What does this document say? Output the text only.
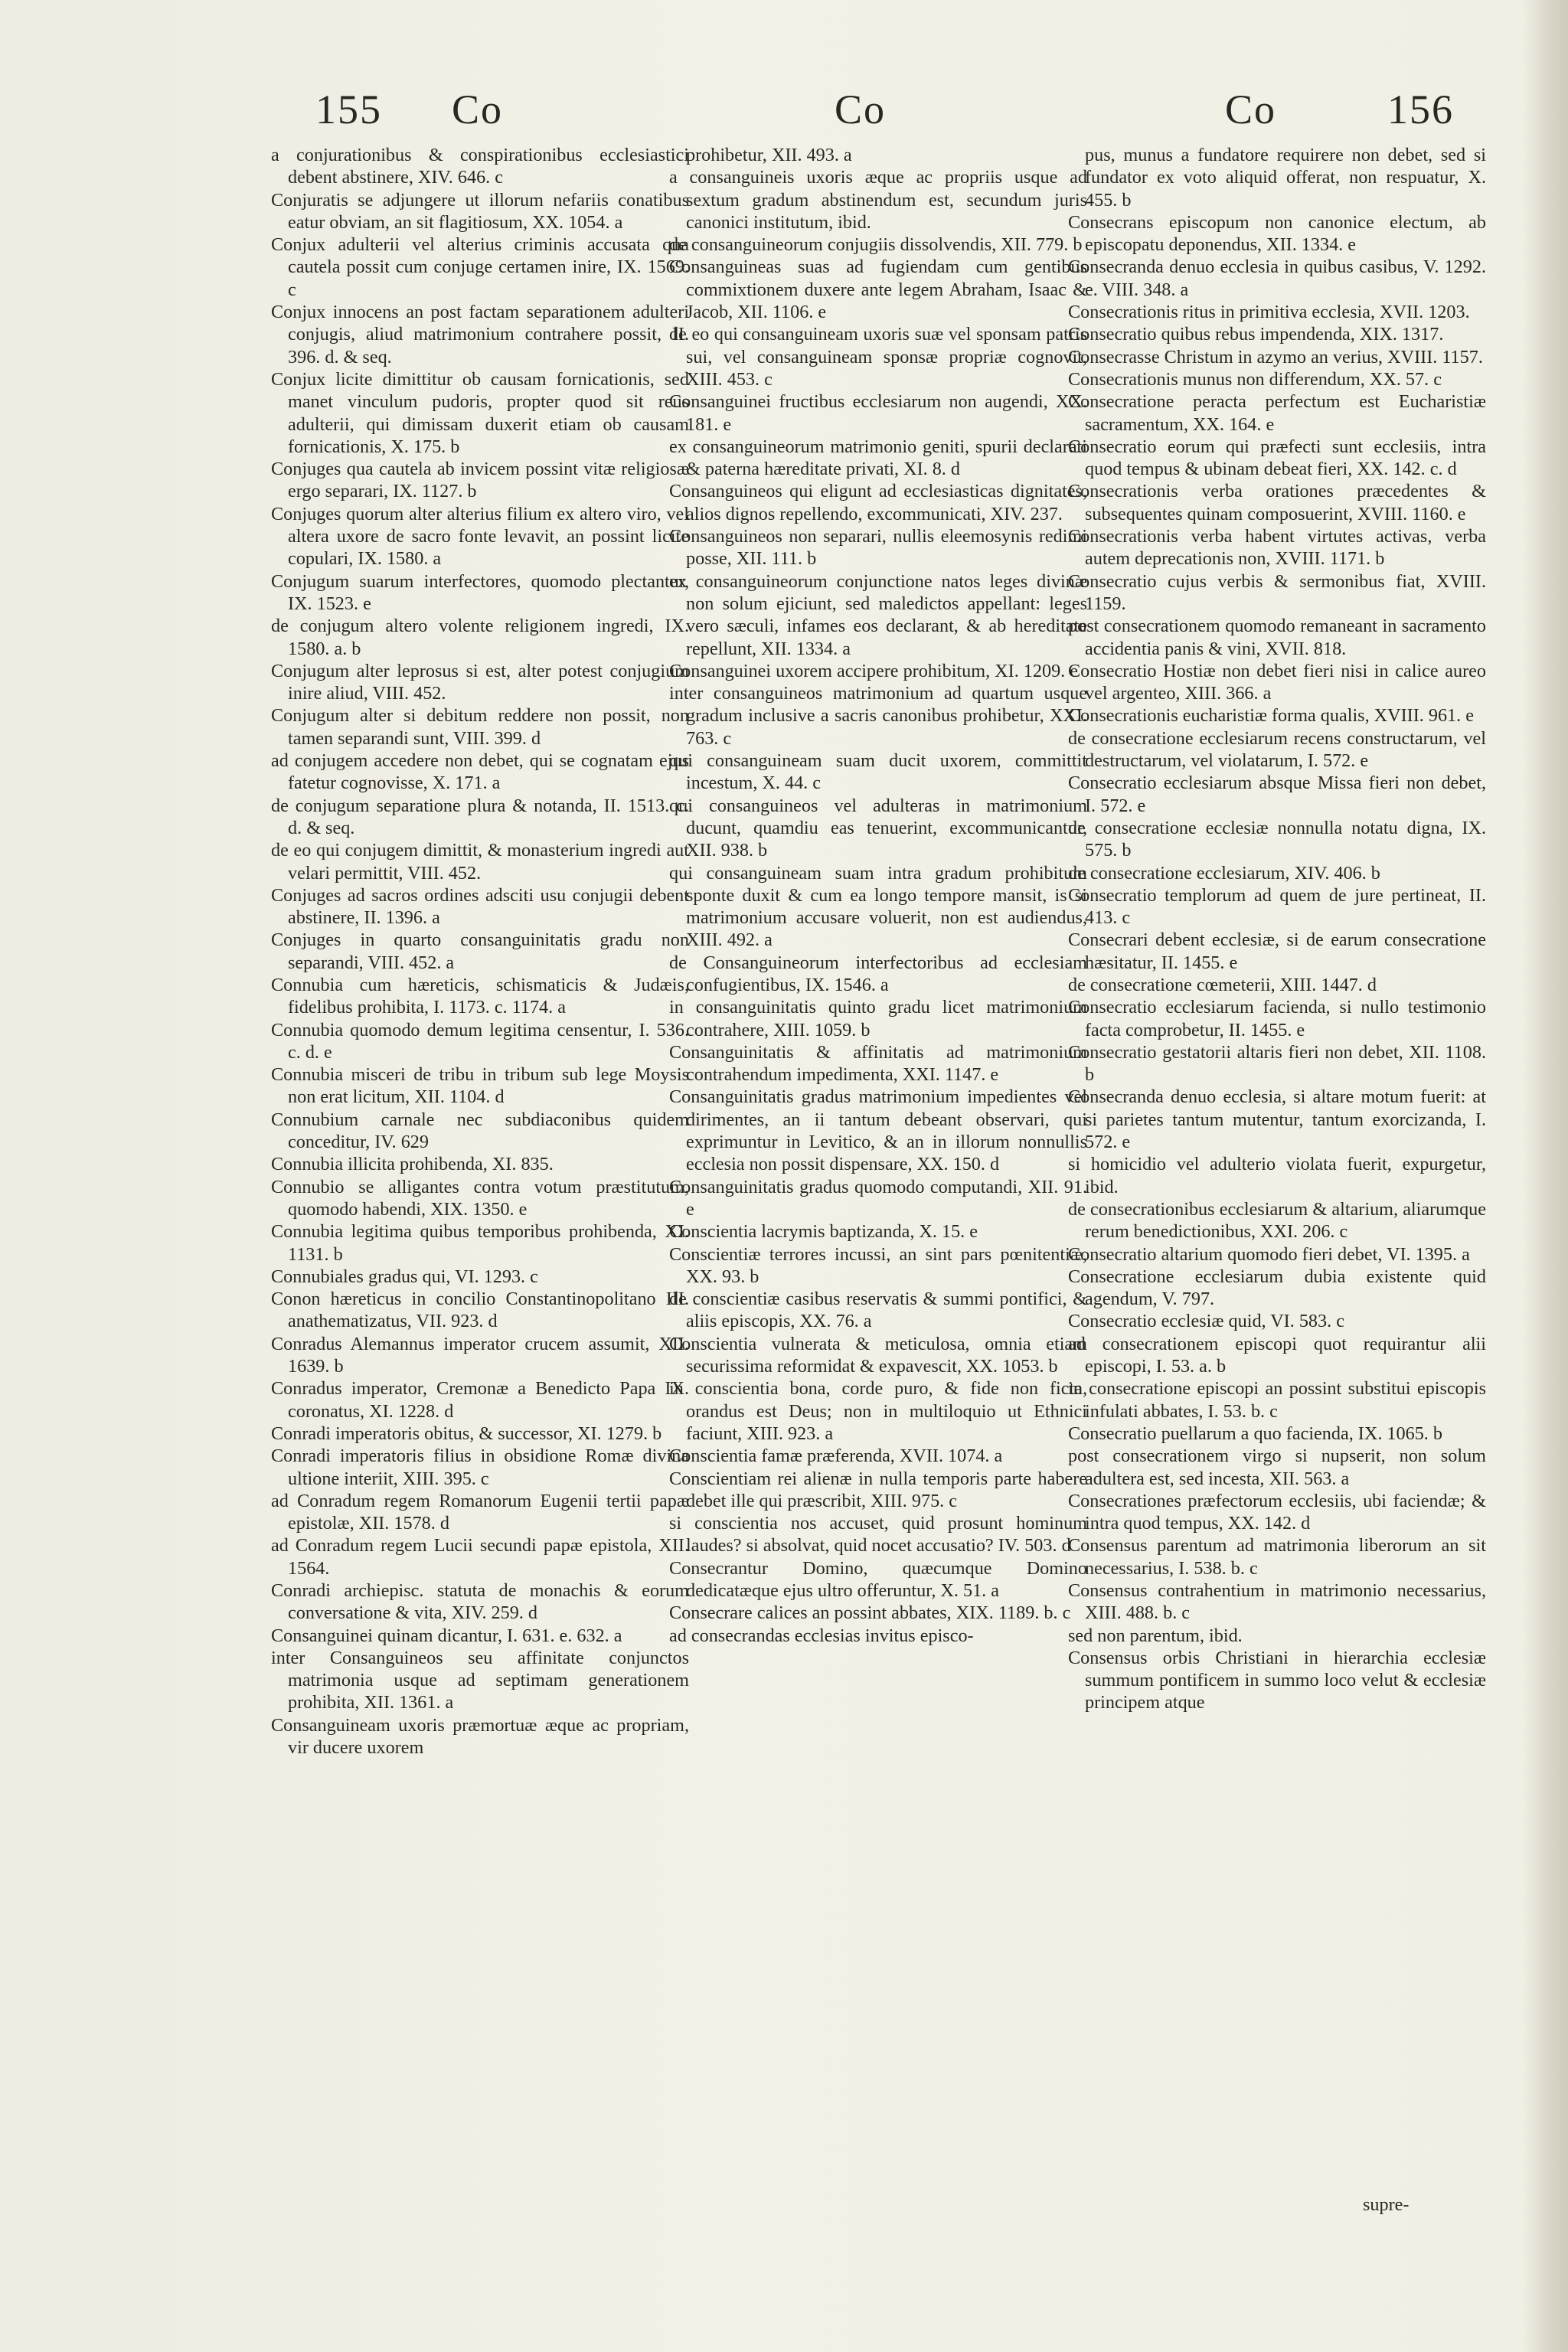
155 Co	Co	Co	156
a conjurationibus & conspirationibus ecclesiastici debent abstinere, XIV. 646. c
Conjuratis se adjungere ut illorum nefariis conatibus eatur obviam, an sit flagitiosum, XX. 1054. a
Conjux adulterii vel alterius criminis accusata qua cautela possit cum conjuge certamen inire, IX. 1569. c
Conjux innocens an post factam separationem adulteri conjugis, aliud matrimonium contrahere possit, II. 396. d. & seq.
Conjux licite dimittitur ob causam fornicationis, sed manet vinculum pudoris, propter quod sit reus adulterii, qui dimissam duxerit etiam ob causam fornicationis, X. 175. b
Conjuges qua cautela ab invicem possint vitæ religiosæ ergo separari, IX. 1127. b
Conjuges quorum alter alterius filium ex altero viro, vel altera uxore de sacro fonte levavit, an possint licite copulari, IX. 1580. a
Conjugum suarum interfectores, quomodo plectantur, IX. 1523. e
de conjugum altero volente religionem ingredi, IX. 1580. a. b
Conjugum alter leprosus si est, alter potest conjugium inire aliud, VIII. 452.
Conjugum alter si debitum reddere non possit, non tamen separandi sunt, VIII. 399. d
ad conjugem accedere non debet, qui se cognatam ejus fatetur cognovisse, X. 171. a
de conjugum separatione plura & notanda, II. 1513. c. d. & seq.
de eo qui conjugem dimittit, & monasterium ingredi aut velari permittit, VIII. 452.
Conjuges ad sacros ordines adsciti usu conjugii debent abstinere, II. 1396. a
Conjuges in quarto consanguinitatis gradu non separandi, VIII. 452. a
Connubia cum hæreticis, schismaticis & Judæis, fidelibus prohibita, I. 1173. c. 1174. a
Connubia quomodo demum legitima censentur, I. 536. c. d. e
Connubia misceri de tribu in tribum sub lege Moysis non erat licitum, XII. 1104. d
Connubium carnale nec subdiaconibus quidem conceditur, IV. 629
Connubia illicita prohibenda, XI. 835.
Connubio se alligantes contra votum præstitutum, quomodo habendi, XIX. 1350. e
Connubia legitima quibus temporibus prohibenda, XI. 1131. b
Connubiales gradus qui, VI. 1293. c
Conon hæreticus in concilio Constantinopolitano III. anathematizatus, VII. 923. d
Conradus Alemannus imperator crucem assumit, XII. 1639. b
Conradus imperator, Cremonæ a Benedicto Papa IX. coronatus, XI. 1228. d
Conradi imperatoris obitus, & successor, XI. 1279. b
Conradi imperatoris filius in obsidione Romæ divina ultione interiit, XIII. 395. c
ad Conradum regem Romanorum Eugenii tertii papæ epistolæ, XII. 1578. d
ad Conradum regem Lucii secundi papæ epistola, XII. 1564.
Conradi archiepisc. statuta de monachis & eorum conversatione & vita, XIV. 259. d
Consanguinei quinam dicantur, I. 631. e. 632. a
inter Consanguineos seu affinitate conjunctos matrimonia usque ad septimam generationem prohibita, XII. 1361. a
Consanguineam uxoris præmortuæ æque ac propriam, vir ducere uxorem
prohibetur, XII. 493. a
a consanguineis uxoris æque ac propriis usque ad sextum gradum abstinendum est, secundum juris canonici institutum, ibid.
de consanguineorum conjugiis dissolvendis, XII. 779. b
Consanguineas suas ad fugiendam cum gentibus commixtionem duxere ante legem Abraham, Isaac & Jacob, XII. 1106. e
de eo qui consanguineam uxoris suæ vel sponsam patris sui, vel consanguineam sponsæ propriæ cognovit, XIII. 453. c
Consanguinei fructibus ecclesiarum non augendi, XX. 181. e
ex consanguineorum matrimonio geniti, spurii declarati & paterna hæreditate privati, XI. 8. d
Consanguineos qui eligunt ad ecclesiasticas dignitates, alios dignos repellendo, excommunicati, XIV. 237.
Consanguineos non separari, nullis eleemosynis redimi posse, XII. 111. b
ex consanguineorum conjunctione natos leges divinæ non solum ejiciunt, sed maledictos appellant: leges vero sæculi, infames eos declarant, & ab hereditate repellunt, XII. 1334. a
Consanguinei uxorem accipere prohibitum, XI. 1209. e
inter consanguineos matrimonium ad quartum usque gradum inclusive a sacris canonibus prohibetur, XXI. 763. c
qui consanguineam suam ducit uxorem, committit incestum, X. 44. c
qui consanguineos vel adulteras in matrimonium ducunt, quamdiu eas tenuerint, excommunicantur, XII. 938. b
qui consanguineam suam intra gradum prohibitum sponte duxit & cum ea longo tempore mansit, is si matrimonium accusare voluerit, non est audiendus, XIII. 492. a
de Consanguineorum interfectoribus ad ecclesiam confugientibus, IX. 1546. a
in consanguinitatis quinto gradu licet matrimonium contrahere, XIII. 1059. b
Consanguinitatis & affinitatis ad matrimonium contrahendum impedimenta, XXI. 1147. e
Consanguinitatis gradus matrimonium impedientes vel dirimentes, an ii tantum debeant observari, qui exprimuntur in Levitico, & an in illorum nonnullis ecclesia non possit dispensare, XX. 150. d
Consanguinitatis gradus quomodo computandi, XII. 91. e
Conscientia lacrymis baptizanda, X. 15. e
Conscientiæ terrores incussi, an sint pars pœnitentiæ, XX. 93. b
de conscientiæ casibus reservatis & summi pontifici, & aliis episcopis, XX. 76. a
Conscientia vulnerata & meticulosa, omnia etiam securissima reformidat & expavescit, XX. 1053. b
in conscientia bona, corde puro, & fide non ficta, orandus est Deus; non in multiloquio ut Ethnici faciunt, XIII. 923. a
Conscientia famæ præferenda, XVII. 1074. a
Conscientiam rei alienæ in nulla temporis parte habere debet ille qui præscribit, XIII. 975. c
si conscientia nos accuset, quid prosunt hominum laudes? si absolvat, quid nocet accusatio? IV. 503. d
Consecrantur Domino, quæcumque Domino dedicatæque ejus ultro offeruntur, X. 51. a
Consecrare calices an possint abbates, XIX. 1189. b. c
ad consecrandas ecclesias invitus episco-
pus, munus a fundatore requirere non debet, sed si fundator ex voto aliquid offerat, non respuatur, X. 455. b
Consecrans episcopum non canonice electum, ab episcopatu deponendus, XII. 1334. e
Consecranda denuo ecclesia in quibus casibus, V. 1292. e. VIII. 348. a
Consecrationis ritus in primitiva ecclesia, XVII. 1203.
Consecratio quibus rebus impendenda, XIX. 1317.
Consecrasse Christum in azymo an verius, XVIII. 1157.
Consecrationis munus non differendum, XX. 57. c
Consecratione peracta perfectum est Eucharistiæ sacramentum, XX. 164. e
Consecratio eorum qui præfecti sunt ecclesiis, intra quod tempus & ubinam debeat fieri, XX. 142. c. d
Consecrationis verba orationes præcedentes & subsequentes quinam composuerint, XVIII. 1160. e
Consecrationis verba habent virtutes activas, verba autem deprecationis non, XVIII. 1171. b
Consecratio cujus verbis & sermonibus fiat, XVIII. 1159.
post consecrationem quomodo remaneant in sacramento accidentia panis & vini, XVII. 818.
Consecratio Hostiæ non debet fieri nisi in calice aureo vel argenteo, XIII. 366. a
Consecrationis eucharistiæ forma qualis, XVIII. 961. e
de consecratione ecclesiarum recens constructarum, vel destructarum, vel violatarum, I. 572. e
Consecratio ecclesiarum absque Missa fieri non debet, I. 572. e
de consecratione ecclesiæ nonnulla notatu digna, IX. 575. b
de consecratione ecclesiarum, XIV. 406. b
Consecratio templorum ad quem de jure pertineat, II. 413. c
Consecrari debent ecclesiæ, si de earum consecratione hæsitatur, II. 1455. e
de consecratione cœmeterii, XIII. 1447. d
Consecratio ecclesiarum facienda, si nullo testimonio facta comprobetur, II. 1455. e
Consecratio gestatorii altaris fieri non debet, XII. 1108. b
Consecranda denuo ecclesia, si altare motum fuerit: at si parietes tantum mutentur, tantum exorcizanda, I. 572. e
si homicidio vel adulterio violata fuerit, expurgetur, ibid.
de consecrationibus ecclesiarum & altarium, aliarumque rerum benedictionibus, XXI. 206. c
Consecratio altarium quomodo fieri debet, VI. 1395. a
Consecratione ecclesiarum dubia existente quid agendum, V. 797.
Consecratio ecclesiæ quid, VI. 583. c
ad consecrationem episcopi quot requirantur alii episcopi, I. 53. a. b
in consecratione episcopi an possint substitui episcopis infulati abbates, I. 53. b. c
Consecratio puellarum a quo facienda, IX. 1065. b
post consecrationem virgo si nupserit, non solum adultera est, sed incesta, XII. 563. a
Consecrationes præfectorum ecclesiis, ubi faciendæ; & intra quod tempus, XX. 142. d
Consensus parentum ad matrimonia liberorum an sit necessarius, I. 538. b. c
Consensus contrahentium in matrimonio necessarius, XIII. 488. b. c
sed non parentum, ibid.
Consensus orbis Christiani in hierarchia ecclesiæ summum pontificem in summo loco velut & ecclesiæ principem atque
supre-
